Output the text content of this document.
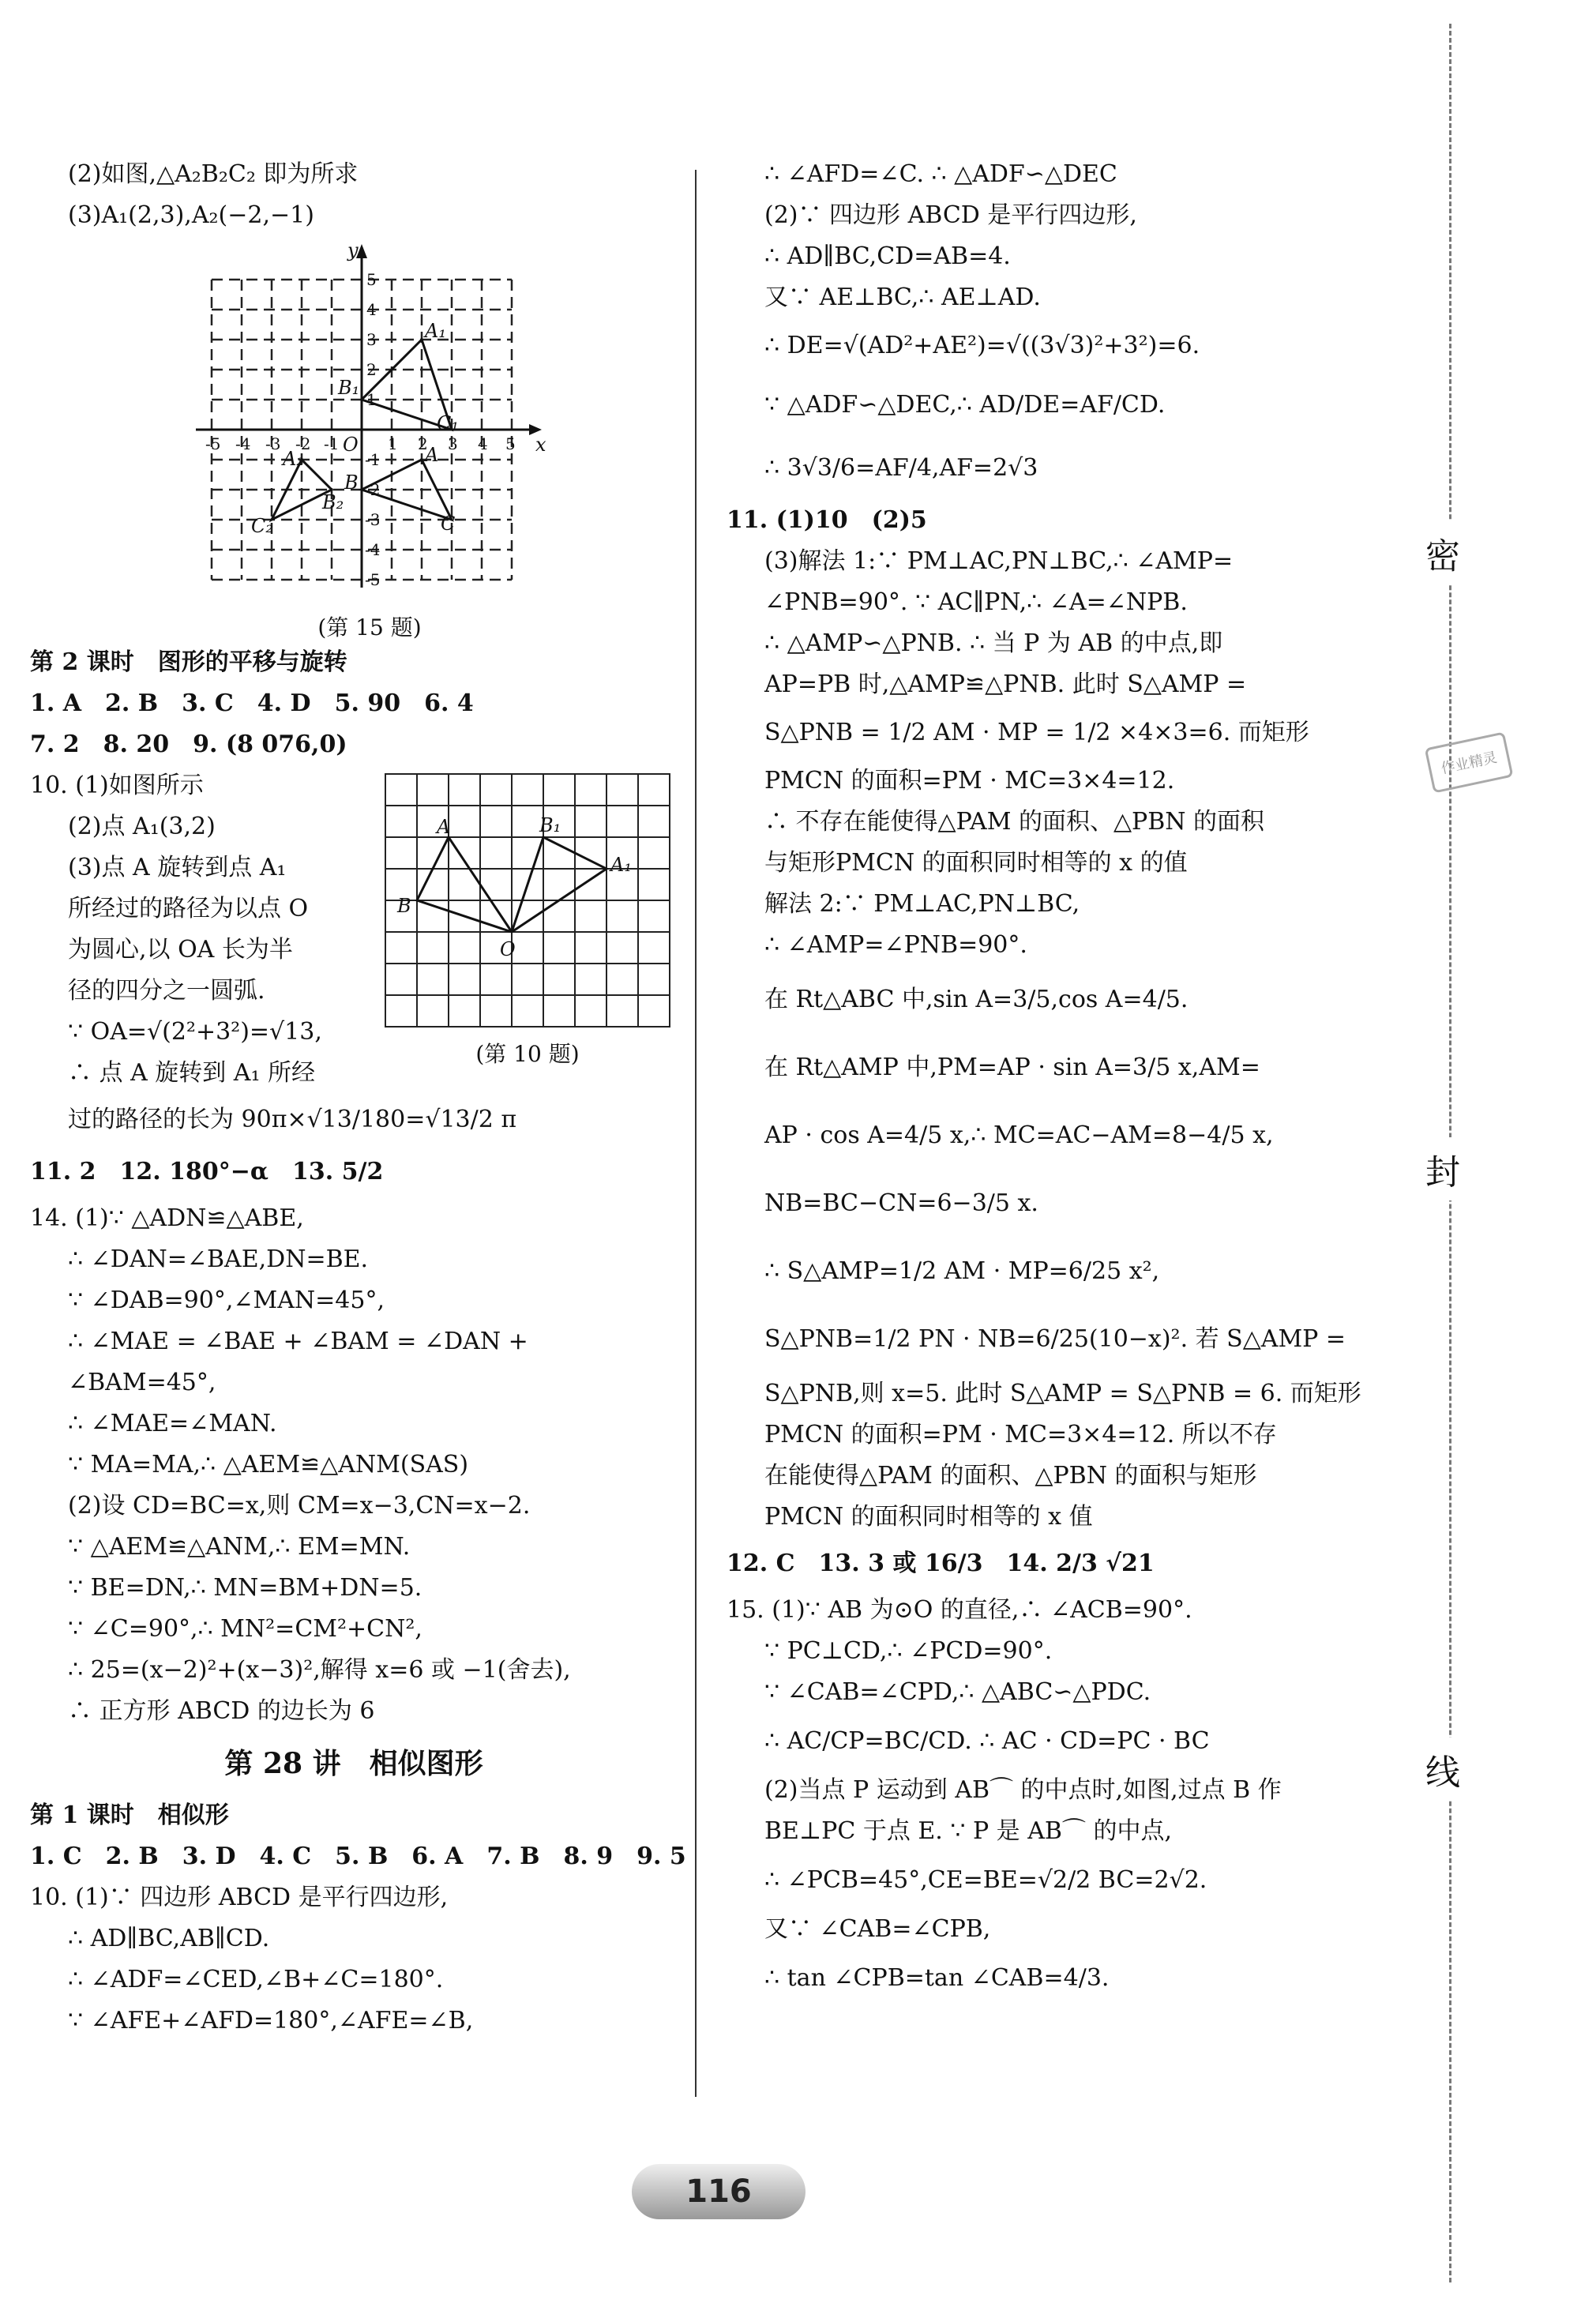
密
封
线
作业精灵
(2)如图,△A₂B₂C₂ 即为所求
(3)A₁(2,3),A₂(−2,−1)
y
x
O
-5 -4 -3 -2 -1	1 2 3 4 5
5
4
3
2
1
-1
-2
-3
-4
-5
A₁
B₁
C₁
A
B
C
A₂
B₂
C₂
(第 15 题)
第 2 课时　图形的平移与旋转
1. A　2. B　3. C　4. D　5. 90　6. 4
7. 2　8. 20　9. (8 076,0)
10. (1)如图所示
(2)点 A₁(3,2)
(3)点 A 旋转到点 A₁
所经过的路径为以点 O
为圆心,以 OA 长为半
径的四分之一圆弧.
∵ OA=√(2²+3²)=√13,
∴ 点 A 旋转到 A₁ 所经
过的路径的长为 90π×√13/180=√13/2 π
A
B
O
A₁
B₁
(第 10 题)
11. 2　12. 180°−α　13. 5/2
14. (1)∵ △ADN≌△ABE,
∴ ∠DAN=∠BAE,DN=BE.
∵ ∠DAB=90°,∠MAN=45°,
∴ ∠MAE = ∠BAE + ∠BAM = ∠DAN +
∠BAM=45°,
∴ ∠MAE=∠MAN.
∵ MA=MA,∴ △AEM≌△ANM(SAS)
(2)设 CD=BC=x,则 CM=x−3,CN=x−2.
∵ △AEM≌△ANM,∴ EM=MN.
∵ BE=DN,∴ MN=BM+DN=5.
∵ ∠C=90°,∴ MN²=CM²+CN²,
∴ 25=(x−2)²+(x−3)²,解得 x=6 或 −1(舍去),
∴ 正方形 ABCD 的边长为 6
第 28 讲　相似图形
第 1 课时　相似形
1. C　2. B　3. D　4. C　5. B　6. A　7. B　8. 9　9. 5
10. (1)∵ 四边形 ABCD 是平行四边形,
∴ AD∥BC,AB∥CD.
∴ ∠ADF=∠CED,∠B+∠C=180°.
∵ ∠AFE+∠AFD=180°,∠AFE=∠B,
∴ ∠AFD=∠C. ∴ △ADF∽△DEC
(2)∵ 四边形 ABCD 是平行四边形,
∴ AD∥BC,CD=AB=4.
又∵ AE⊥BC,∴ AE⊥AD.
∴ DE=√(AD²+AE²)=√((3√3)²+3²)=6.
∵ △ADF∽△DEC,∴ AD/DE=AF/CD.
∴ 3√3/6=AF/4,AF=2√3
11. (1)10　(2)5
(3)解法 1:∵ PM⊥AC,PN⊥BC,∴ ∠AMP=
∠PNB=90°. ∵ AC∥PN,∴ ∠A=∠NPB.
∴ △AMP∽△PNB. ∴ 当 P 为 AB 的中点,即
AP=PB 时,△AMP≌△PNB. 此时 S△AMP =
S△PNB = 1/2 AM · MP = 1/2 ×4×3=6. 而矩形
PMCN 的面积=PM · MC=3×4=12.
∴ 不存在能使得△PAM 的面积、△PBN 的面积
与矩形PMCN 的面积同时相等的 x 的值
解法 2:∵ PM⊥AC,PN⊥BC,
∴ ∠AMP=∠PNB=90°.
在 Rt△ABC 中,sin A=3/5,cos A=4/5.
在 Rt△AMP 中,PM=AP · sin A=3/5 x,AM=
AP · cos A=4/5 x,∴ MC=AC−AM=8−4/5 x,
NB=BC−CN=6−3/5 x.
∴ S△AMP=1/2 AM · MP=6/25 x²,
S△PNB=1/2 PN · NB=6/25(10−x)². 若 S△AMP =
S△PNB,则 x=5. 此时 S△AMP = S△PNB = 6. 而矩形
PMCN 的面积=PM · MC=3×4=12. 所以不存
在能使得△PAM 的面积、△PBN 的面积与矩形
PMCN 的面积同时相等的 x 值
12. C　13. 3 或 16/3　14. 2/3 √21
15. (1)∵ AB 为⊙O 的直径,∴ ∠ACB=90°.
∵ PC⊥CD,∴ ∠PCD=90°.
∵ ∠CAB=∠CPD,∴ △ABC∽△PDC.
∴ AC/CP=BC/CD. ∴ AC · CD=PC · BC
(2)当点 P 运动到 AB⌒ 的中点时,如图,过点 B 作
BE⊥PC 于点 E. ∵ P 是 AB⌒ 的中点,
∴ ∠PCB=45°,CE=BE=√2/2 BC=2√2.
又∵ ∠CAB=∠CPB,
∴ tan ∠CPB=tan ∠CAB=4/3.
116
